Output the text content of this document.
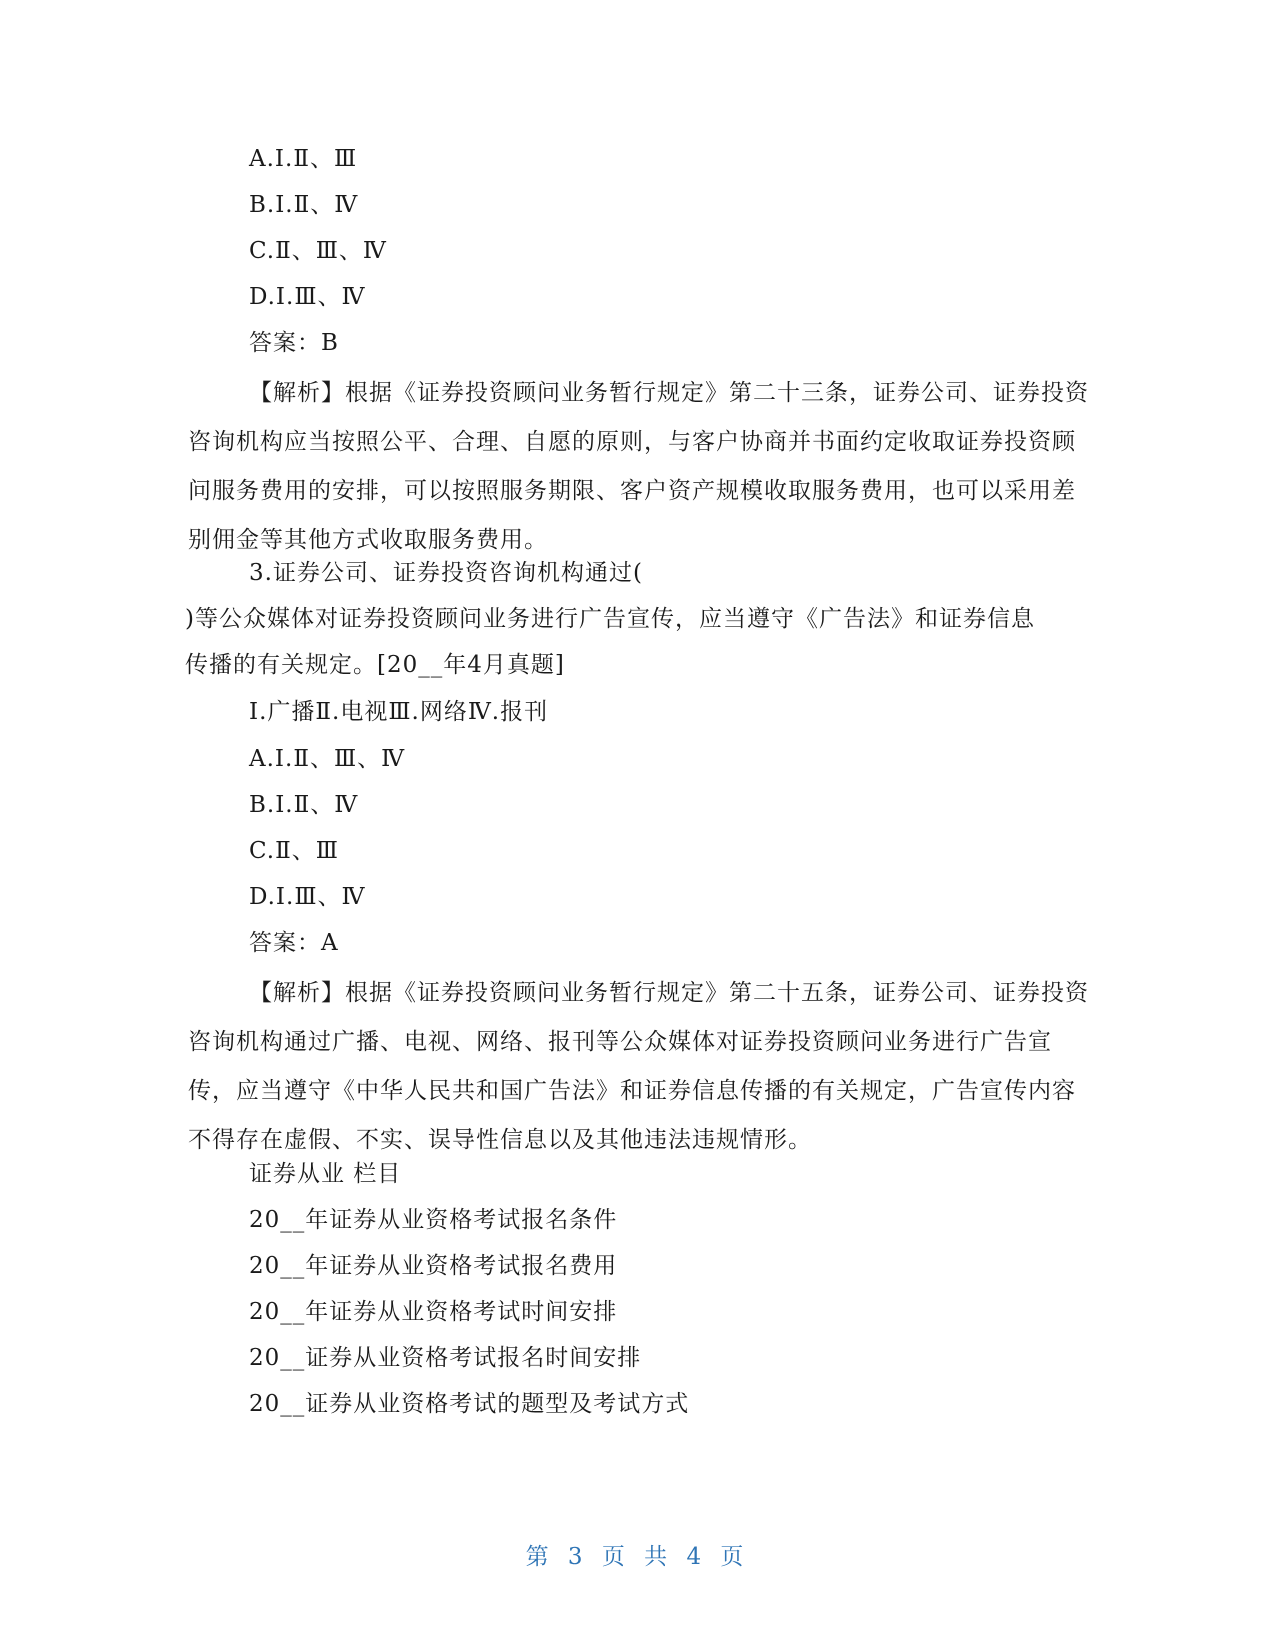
A.Ⅰ.Ⅱ、Ⅲ
B.Ⅰ.Ⅱ、Ⅳ
C.Ⅱ、Ⅲ、Ⅳ
D.Ⅰ.Ⅲ、Ⅳ
答案：B
【解析】根据《证券投资顾问业务暂行规定》第二十三条，证券公司、证券投资咨询机构应当按照公平、合理、自愿的原则，与客户协商并书面约定收取证券投资顾问服务费用的安排，可以按照服务期限、客户资产规模收取服务费用，也可以采用差别佣金等其他方式收取服务费用。
3.证券公司、证券投资咨询机构通过(
)等公众媒体对证券投资顾问业务进行广告宣传，应当遵守《广告法》和证券信息
传播的有关规定。[20__年4月真题]
Ⅰ.广播Ⅱ.电视Ⅲ.网络Ⅳ.报刊
A.Ⅰ.Ⅱ、Ⅲ、Ⅳ
B.Ⅰ.Ⅱ、Ⅳ
C.Ⅱ、Ⅲ
D.Ⅰ.Ⅲ、Ⅳ
答案：A
【解析】根据《证券投资顾问业务暂行规定》第二十五条，证券公司、证券投资咨询机构通过广播、电视、网络、报刊等公众媒体对证券投资顾问业务进行广告宣传，应当遵守《中华人民共和国广告法》和证券信息传播的有关规定，广告宣传内容不得存在虚假、不实、误导性信息以及其他违法违规情形。
证券从业 栏目
20__年证券从业资格考试报名条件
20__年证券从业资格考试报名费用
20__年证券从业资格考试时间安排
20__证券从业资格考试报名时间安排
20__证券从业资格考试的题型及考试方式
第 3 页 共 4 页
